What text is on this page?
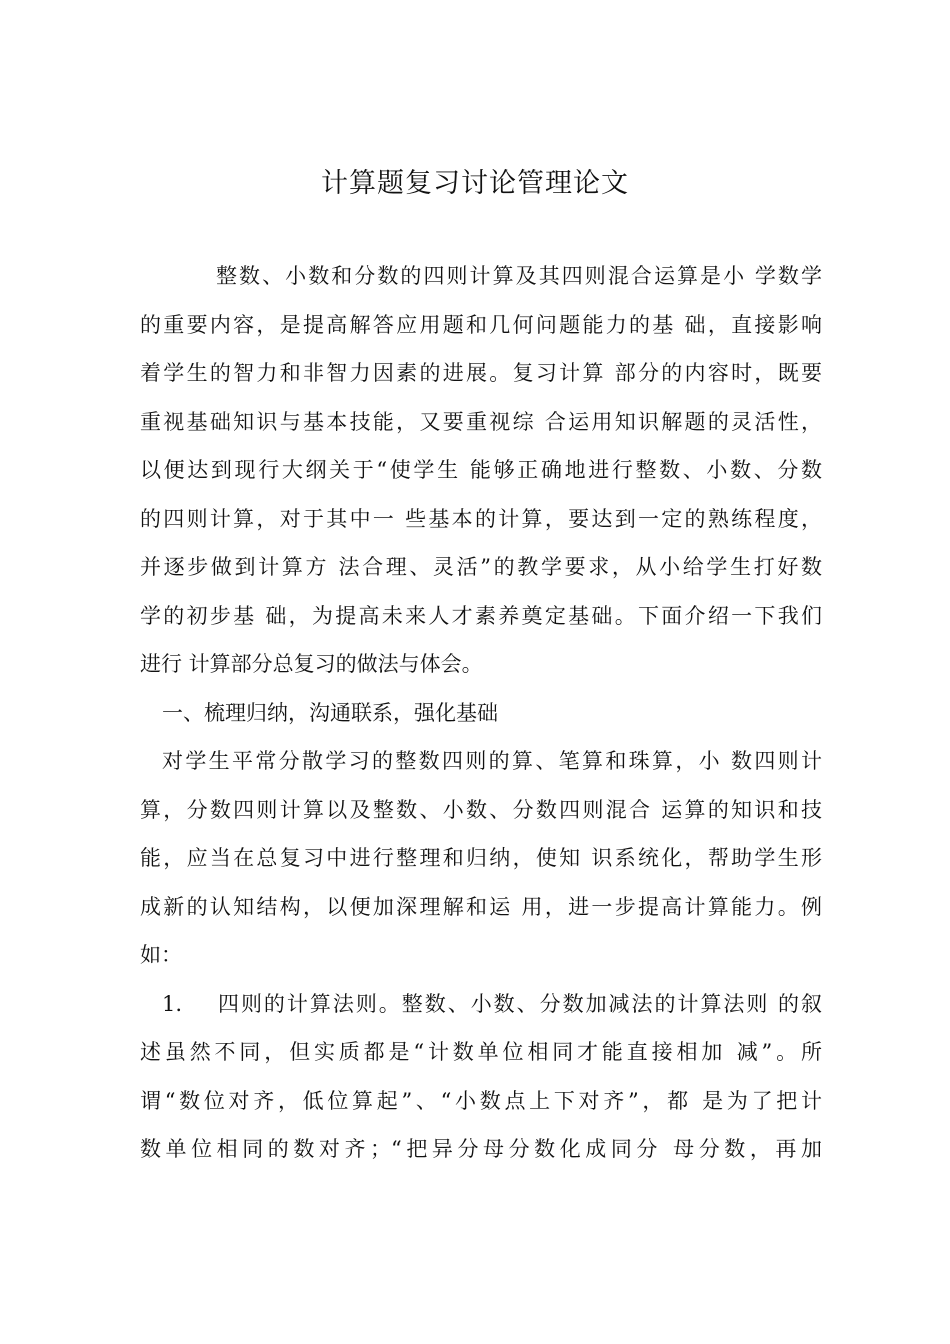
计算题复习讨论管理论文

整数、小数和分数的四则计算及其四则混合运算是小 学数学

的重要内容，是提高解答应用题和几何问题能力的基 础，直接影响

着学生的智力和非智力因素的进展。复习计算 部分的内容时，既要

重视基础知识与基本技能，又要重视综 合运用知识解题的灵活性，

以便达到现行大纲关于“使学生 能够正确地进行整数、小数、分数

的四则计算，对于其中一 些基本的计算，要达到一定的熟练程度，

并逐步做到计算方 法合理、灵活”的教学要求，从小给学生打好数

学的初步基 础，为提高未来人才素养奠定基础。下面介绍一下我们

进行 计算部分总复习的做法与体会。

一、梳理归纳，沟通联系，强化基础

对学生平常分散学习的整数四则的算、笔算和珠算，小 数四则计

算，分数四则计算以及整数、小数、分数四则混合 运算的知识和技

能，应当在总复习中进行整理和归纳，使知 识系统化，帮助学生形

成新的认知结构，以便加深理解和运 用，进一步提高计算能力。例

如：

1. 四则的计算法则。整数、小数、分数加减法的计算法则 的叙

述虽然不同，但实质都是“计数单位相同才能直接相加 减”。所

谓“数位对齐，低位算起”、“小数点上下对齐”，都 是为了把计

数单位相同的数对齐；“把异分母分数化成同分 母分数，再加
